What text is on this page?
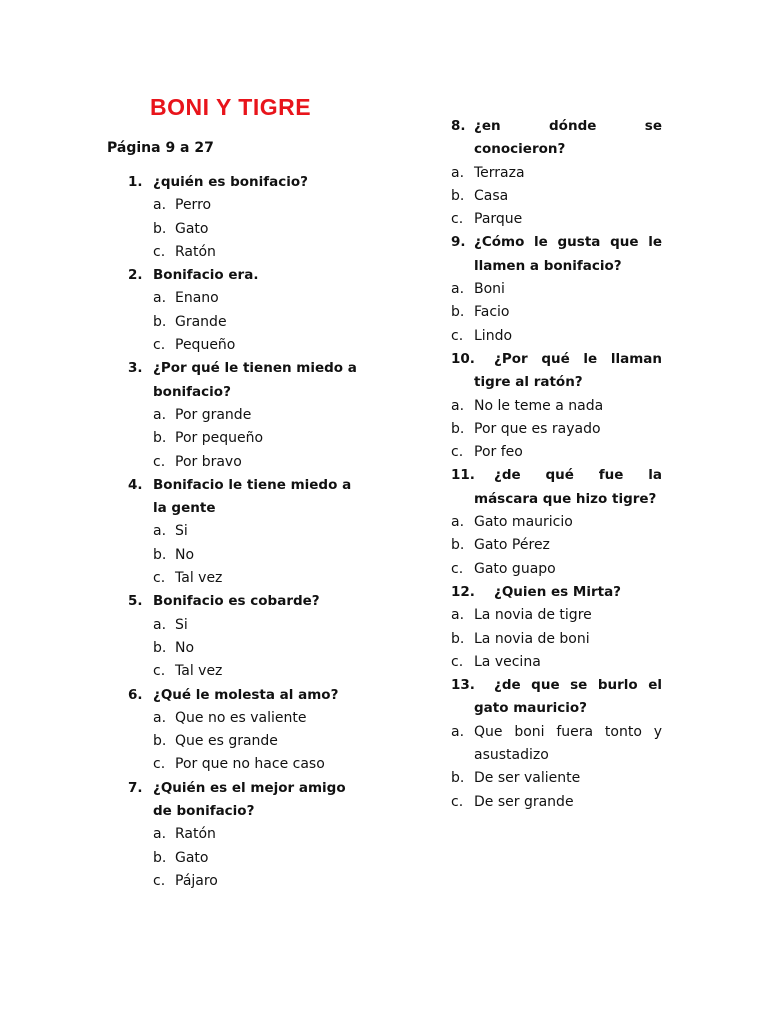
BONI Y TIGRE

Página 9 a 27

1. ¿quién es bonifacio?

a. Perro
b. Gato
c. Ratón

2. Bonifacio era.

a. Enano
b. Grande
c. Pequeño

3. ¿Por qué le tienen miedo a bonifacio?

a. Por grande
b. Por pequeño
c. Por bravo

4. Bonifacio le tiene miedo a la gente

a. Si
b. No
c. Tal vez

5. Bonifacio es cobarde?

a. Si
b. No
c. Tal vez

6. ¿Qué le molesta al amo?

a. Que no es valiente
b. Que es grande
c. Por que no hace caso

7. ¿Quién es el mejor amigo de bonifacio?

a. Ratón
b. Gato
c. Pájaro

8. ¿en dónde se conocieron?

a. Terraza
b. Casa
c. Parque

9. ¿Cómo le gusta que le llamen a bonifacio?

a. Boni
b. Facio
c. Lindo

10. ¿Por qué le llaman tigre al ratón?

a. No le teme a nada
b. Por que es rayado
c. Por feo

11. ¿de qué fue la máscara que hizo tigre?

a. Gato mauricio
b. Gato Pérez
c. Gato guapo

12. ¿Quien es Mirta?

a. La novia de tigre
b. La novia de boni
c. La vecina

13. ¿de que se burlo el gato mauricio?

a. Que boni fuera tonto y asustadizo
b. De ser valiente
c. De ser grande
